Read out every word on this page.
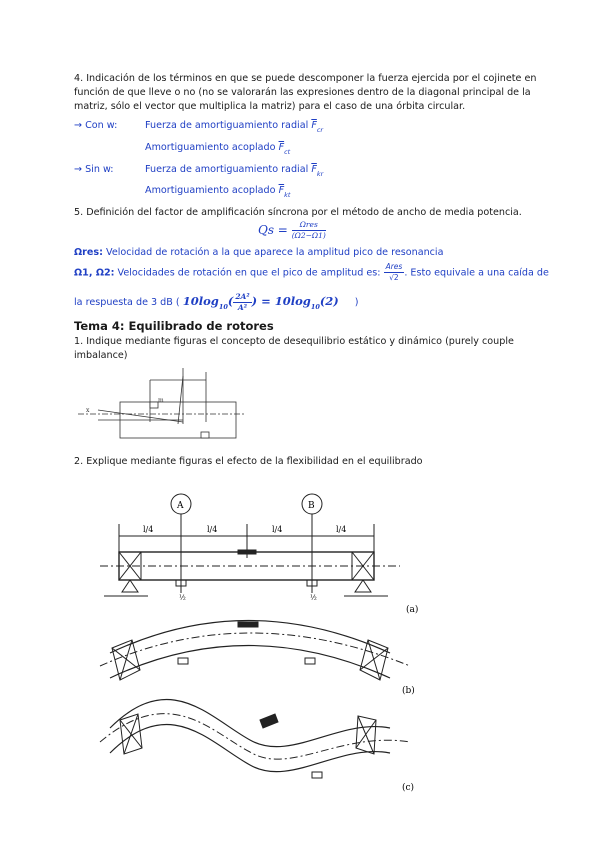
4. Indicación de los términos en que se puede descomponer la fuerza ejercida por el cojinete en
función de que lleve o no (no se valorarán las expresiones dentro de la diagonal principal de la
matriz, sólo el vector que multiplica la matriz) para el caso de una órbita circular.
→ Con w:	Fuerza de amortiguamiento radial $\overline{F}_{cr}$
Amortiguamiento acoplado $\overline{F}_{ct}$
→ Sin w:	Fuerza de amortiguamiento radial $\overline{F}_{kr}$
Amortiguamiento acoplado $\overline{F}_{kt}$
5. Definición del factor de amplificación síncrona por el método de ancho de media potencia.
$Qs = \frac{\text{Ωres}}{(\Omega 2-\Omega 1)}$
Ωres: Velocidad de rotación a la que aparece la amplitud pico de resonancia
Ω1, Ω2: Velocidades de rotación en que el pico de amplitud es: $\frac{\text{Ares}}{√2}$ . Esto equivale a una caída de
la respuesta de 3 dB ( $10\log_{10}( \frac{\text{2A²}}{\text{A²}}$ ) = $10\log_{10}(2)$ )
Tema 4: Equilibrado de rotores
1. Indique mediante figuras el concepto de desequilibrio estático y dinámico (purely couple
imbalance)
m
x
2. Explique mediante figuras el efecto de la flexibilidad en el equilibrado
A	B
l/4	l/4	l/4	l/4
½	½
(a)
(b)
(c)
